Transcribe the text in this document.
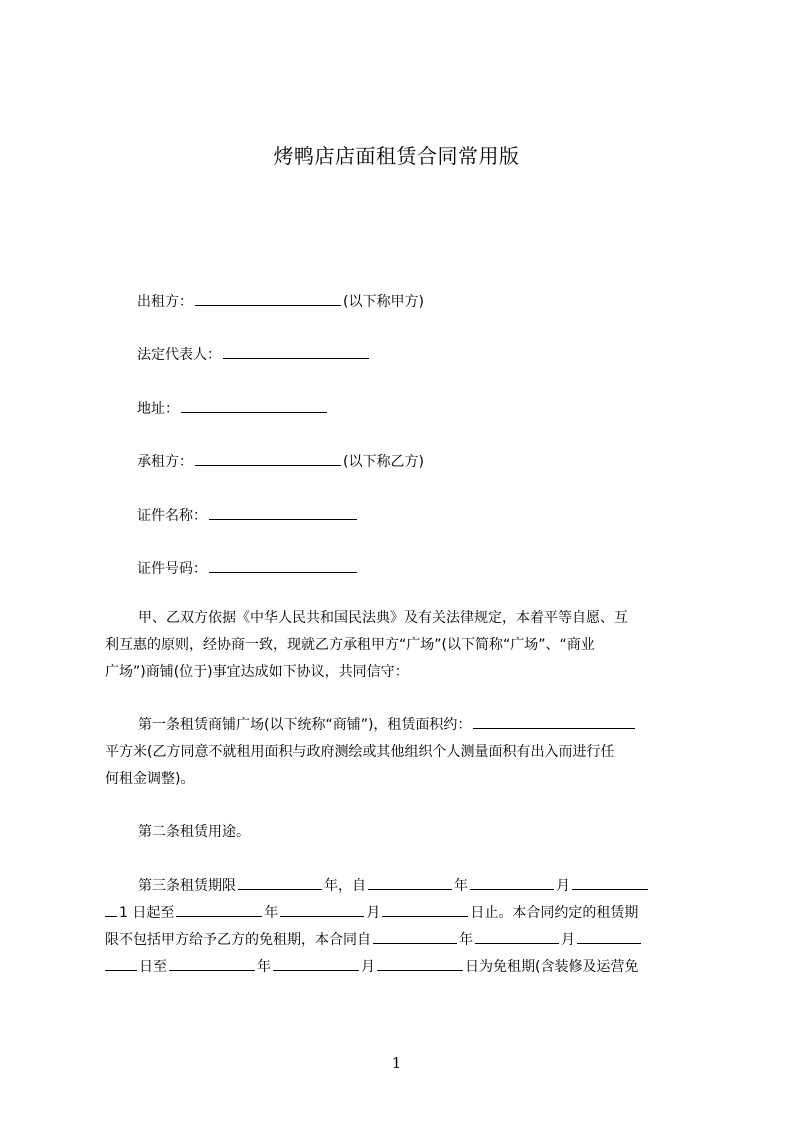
烤鸭店店面租赁合同常用版
出租方：	(以下称甲方)
法定代表人：
地址：
承租方：	(以下称乙方)
证件名称：
证件号码：
甲、乙双方依据《中华人民共和国民法典》及有关法律规定，本着平等自愿、互
利互惠的原则，经协商一致，现就乙方承租甲方“广场”(以下简称“广场”、“商业
广场”)商铺(位于)事宜达成如下协议，共同信守：
第一条租赁商铺广场(以下统称“商铺”)，租赁面积约：
平方米(乙方同意不就租用面积与政府测绘或其他组织个人测量面积有出入而进行任
何租金调整)。
第二条租赁用途。
第三条租赁期限	年，自	年	月
1 日起至	年	月	日止。本合同约定的租赁期
限不包括甲方给予乙方的免租期，本合同自	年	月
日至	年	月	日为免租期(含装修及运营免
1
